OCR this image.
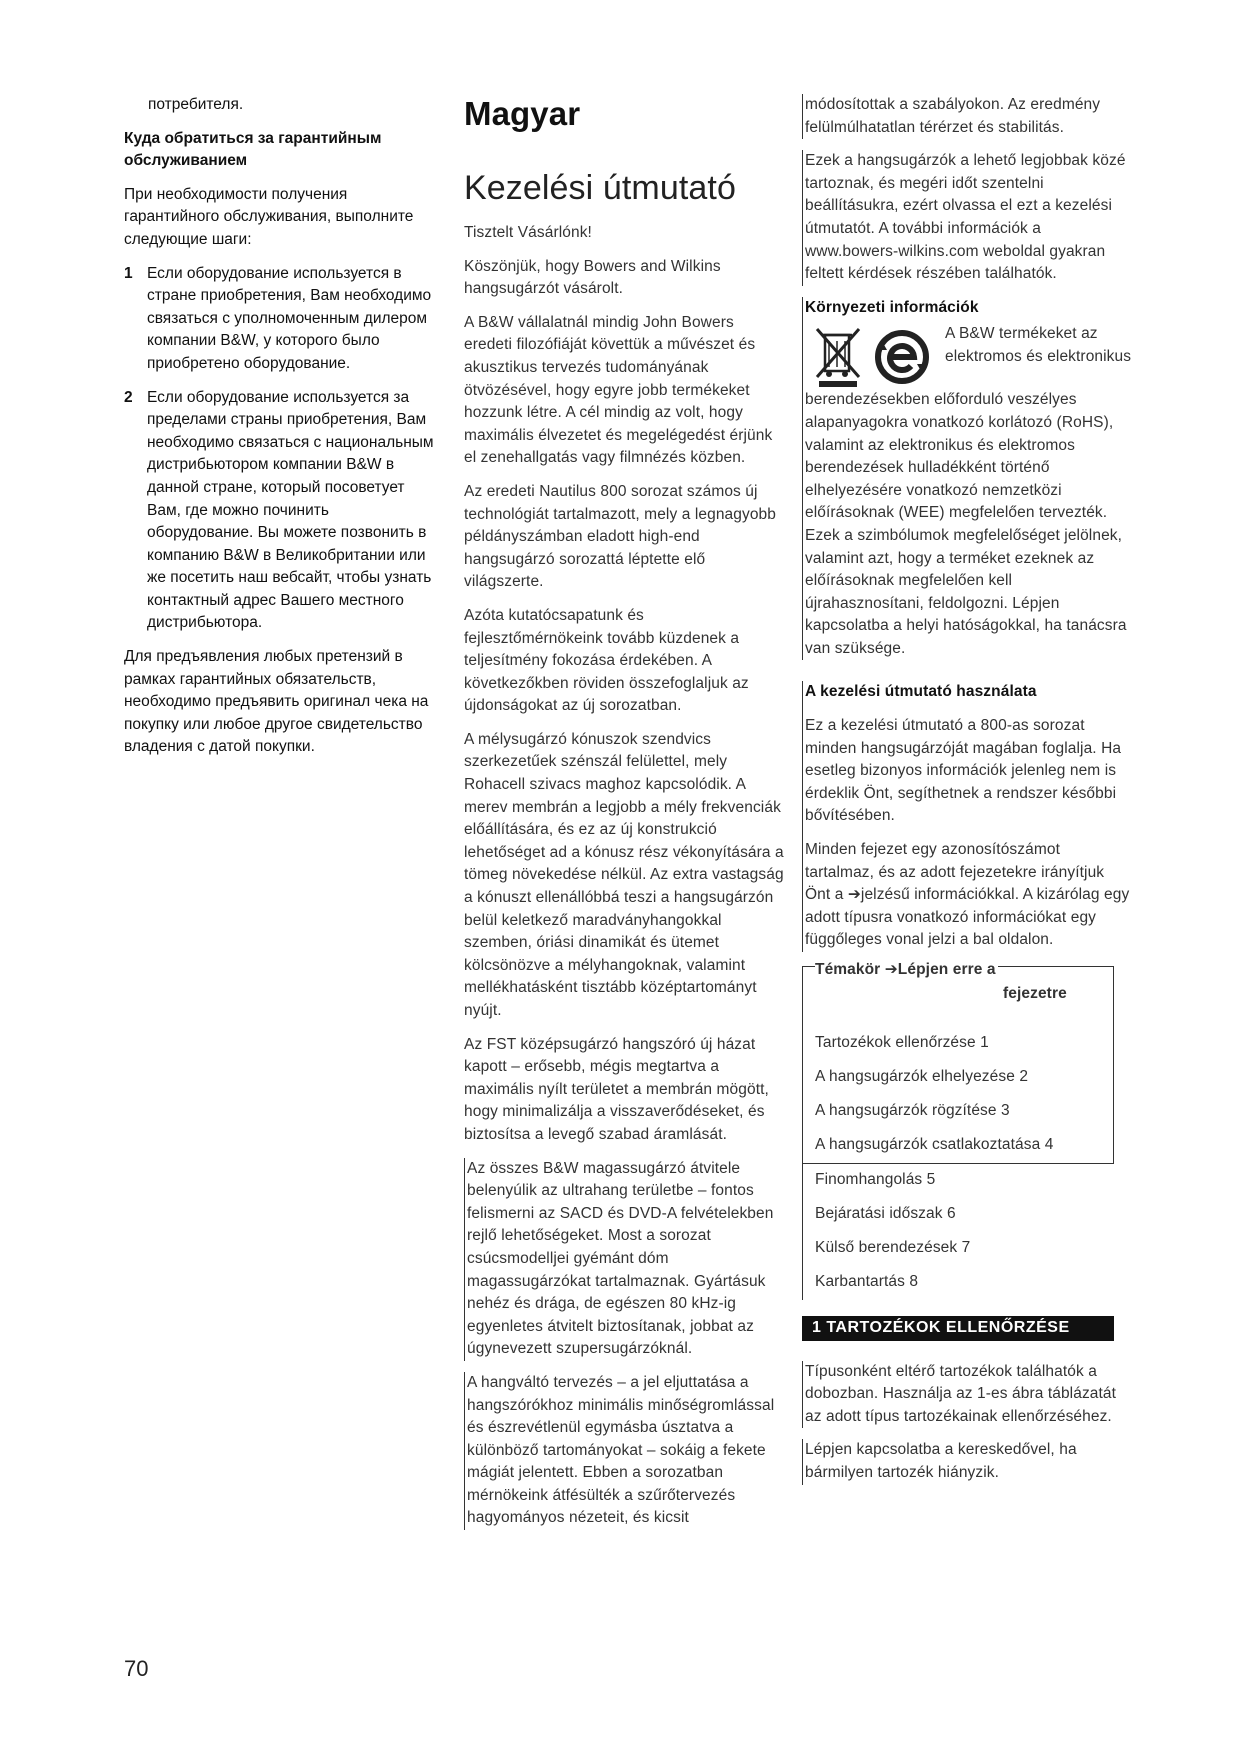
потребителя.

Куда обратиться за гарантийным обслуживанием

При необходимости получения гарантийного обслуживания, выполните следующие шаги:

1 Если оборудование используется в стране приобретения, Вам необходимо связаться с уполномоченным дилером компании B&W, у которого было приобретено оборудование.
2 Если оборудование используется за пределами страны приобретения, Вам необходимо связаться с национальным дистрибьютором компании B&W в данной стране, который посоветует Вам, где можно починить оборудование. Вы можете позвонить в компанию B&W в Великобритании или же посетить наш вебсайт, чтобы узнать контактный адрес Вашего местного дистрибьютора.

Для предъявления любых претензий в рамках гарантийных обязательств, необходимо предъявить оригинал чека на покупку или любое другое свидетельство владения с датой покупки.

Magyar
Kezelési útmutató

Tisztelt Vásárlónk!

Köszönjük, hogy Bowers and Wilkins hangsugárzót vásárolt.

A B&W vállalatnál mindig John Bowers eredeti filozófiáját követtük a művészet és akusztikus tervezés tudományának ötvözésével, hogy egyre jobb termékeket hozzunk létre. A cél mindig az volt, hogy maximális élvezetet és megelégedést érjünk el zenehallgatás vagy filmnézés közben.

Az eredeti Nautilus 800 sorozat számos új technológiát tartalmazott, mely a legnagyobb példányszámban eladott high-end hangsugárzó sorozattá léptette elő világszerte.

Azóta kutatócsapatunk és fejlesztőmérnökeink tovább küzdenek a teljesítmény fokozása érdekében. A következőkben röviden összefoglaljuk az újdonságokat az új sorozatban.

A mélysugárzó kónuszok szendvics szerkezetűek szénszál felülettel, mely Rohacell szivacs maghoz kapcsolódik. A merev membrán a legjobb a mély frekvenciák előállítására, és ez az új konstrukció lehetőséget ad a kónusz rész vékonyítására a tömeg növekedése nélkül. Az extra vastagság a kónuszt ellenállóbbá teszi a hangsugárzón belül keletkező maradványhangokkal szemben, óriási dinamikát és ütemet kölcsönözve a mélyhangoknak, valamint mellékhatásként tisztább középtartományt nyújt.

Az FST középsugárzó hangszóró új házat kapott – erősebb, mégis megtartva a maximális nyílt területet a membrán mögött, hogy minimalizálja a visszaverődéseket, és biztosítsa a levegő szabad áramlását.

Az összes B&W magassugárzó átvitele belenyúlik az ultrahang területbe – fontos felismerni az SACD és DVD-A felvételekben rejlő lehetőségeket. Most a sorozat csúcsmodelljei gyémánt dóm magassugárzókat tartalmaznak. Gyártásuk nehéz és drága, de egészen 80 kHz-ig egyenletes átvitelt biztosítanak, jobbat az úgynevezett szupersugárzóknál.

A hangváltó tervezés – a jel eljuttatása a hangszórókhoz minimális minőségromlással és észrevétlenül egymásba úsztatva a különböző tartományokat – sokáig a fekete mágiát jelentett. Ebben a sorozatban mérnökeink átfésülték a szűrőtervezés hagyományos nézeteit, és kicsit

módosítottak a szabályokon. Az eredmény felülmúlhatatlan térérzet és stabilitás.

Ezek a hangsugárzók a lehető legjobbak közé tartoznak, és megéri időt szentelni beállításukra, ezért olvassa el ezt a kezelési útmutatót. A további információk a www.bowers-wilkins.com weboldal gyakran feltett kérdések részében találhatók.

Környezeti információk
A B&W termékeket az elektromos és elektronikus

berendezésekben előforduló veszélyes alapanyagokra vonatkozó korlátozó (RoHS), valamint az elektronikus és elektromos berendezések hulladékként történő elhelyezésére vonatkozó nemzetközi előírásoknak (WEE) megfelelően tervezték. Ezek a szimbólumok megfelelőséget jelölnek, valamint azt, hogy a terméket ezeknek az előírásoknak megfelelően kell újrahasznosítani, feldolgozni. Lépjen kapcsolatba a helyi hatóságokkal, ha tanácsra van szüksége.

A kezelési útmutató használata

Ez a kezelési útmutató a 800-as sorozat minden hangsugárzóját magában foglalja. Ha esetleg bizonyos információk jelenleg nem is érdeklik Önt, segíthetnek a rendszer későbbi bővítésében.

Minden fejezet egy azonosítószámot tartalmaz, és az adott fejezetekre irányítjuk Önt a ➔jelzésű információkkal. A kizárólag egy adott típusra vonatkozó információkat egy függőleges vonal jelzi a bal oldalon.

Témakör ➔Lépjen erre a
fejezetre
Tartozékok ellenőrzése 1
A hangsugárzók elhelyezése 2
A hangsugárzók rögzítése 3
A hangsugárzók csatlakoztatása 4
Finomhangolás 5
Bejáratási időszak 6
Külső berendezések 7
Karbantartás 8
1 TARTOZÉKOK ELLENŐRZÉSE

Típusonként eltérő tartozékok találhatók a dobozban. Használja az 1-es ábra táblázatát az adott típus tartozékainak ellenőrzéséhez.

Lépjen kapcsolatba a kereskedővel, ha bármilyen tartozék hiányzik.

70
